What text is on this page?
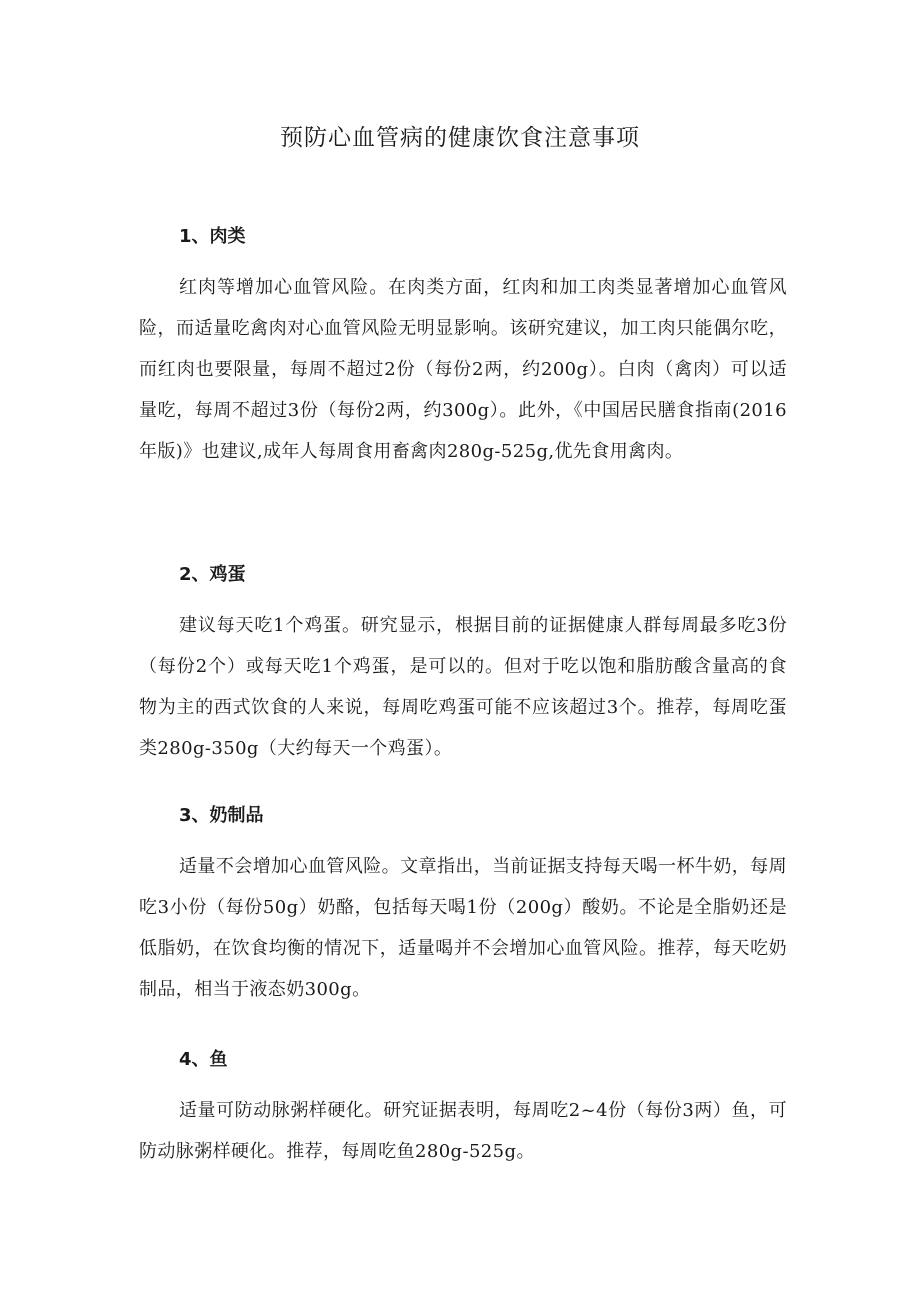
预防心血管病的健康饮食注意事项
1、肉类

红肉等增加心血管风险。在肉类方面，红肉和加工肉类显著增加心血管风险，而适量吃禽肉对心血管风险无明显影响。该研究建议，加工肉只能偶尔吃，而红肉也要限量，每周不超过2份（每份2两，约200g）。白肉（禽肉）可以适量吃，每周不超过3份（每份2两，约300g）。此外，《中国居民膳食指南(2016年版)》也建议,成年人每周食用畜禽肉280g-525g,优先食用禽肉。

2、鸡蛋

建议每天吃1个鸡蛋。研究显示，根据目前的证据健康人群每周最多吃3份（每份2个）或每天吃1个鸡蛋，是可以的。但对于吃以饱和脂肪酸含量高的食物为主的西式饮食的人来说，每周吃鸡蛋可能不应该超过3个。推荐，每周吃蛋类280g-350g（大约每天一个鸡蛋）。

3、奶制品

适量不会增加心血管风险。文章指出，当前证据支持每天喝一杯牛奶，每周吃3小份（每份50g）奶酪，包括每天喝1份（200g）酸奶。不论是全脂奶还是低脂奶，在饮食均衡的情况下，适量喝并不会增加心血管风险。推荐，每天吃奶制品，相当于液态奶300g。

4、鱼

适量可防动脉粥样硬化。研究证据表明，每周吃2~4份（每份3两）鱼，可防动脉粥样硬化。推荐，每周吃鱼280g-525g。
